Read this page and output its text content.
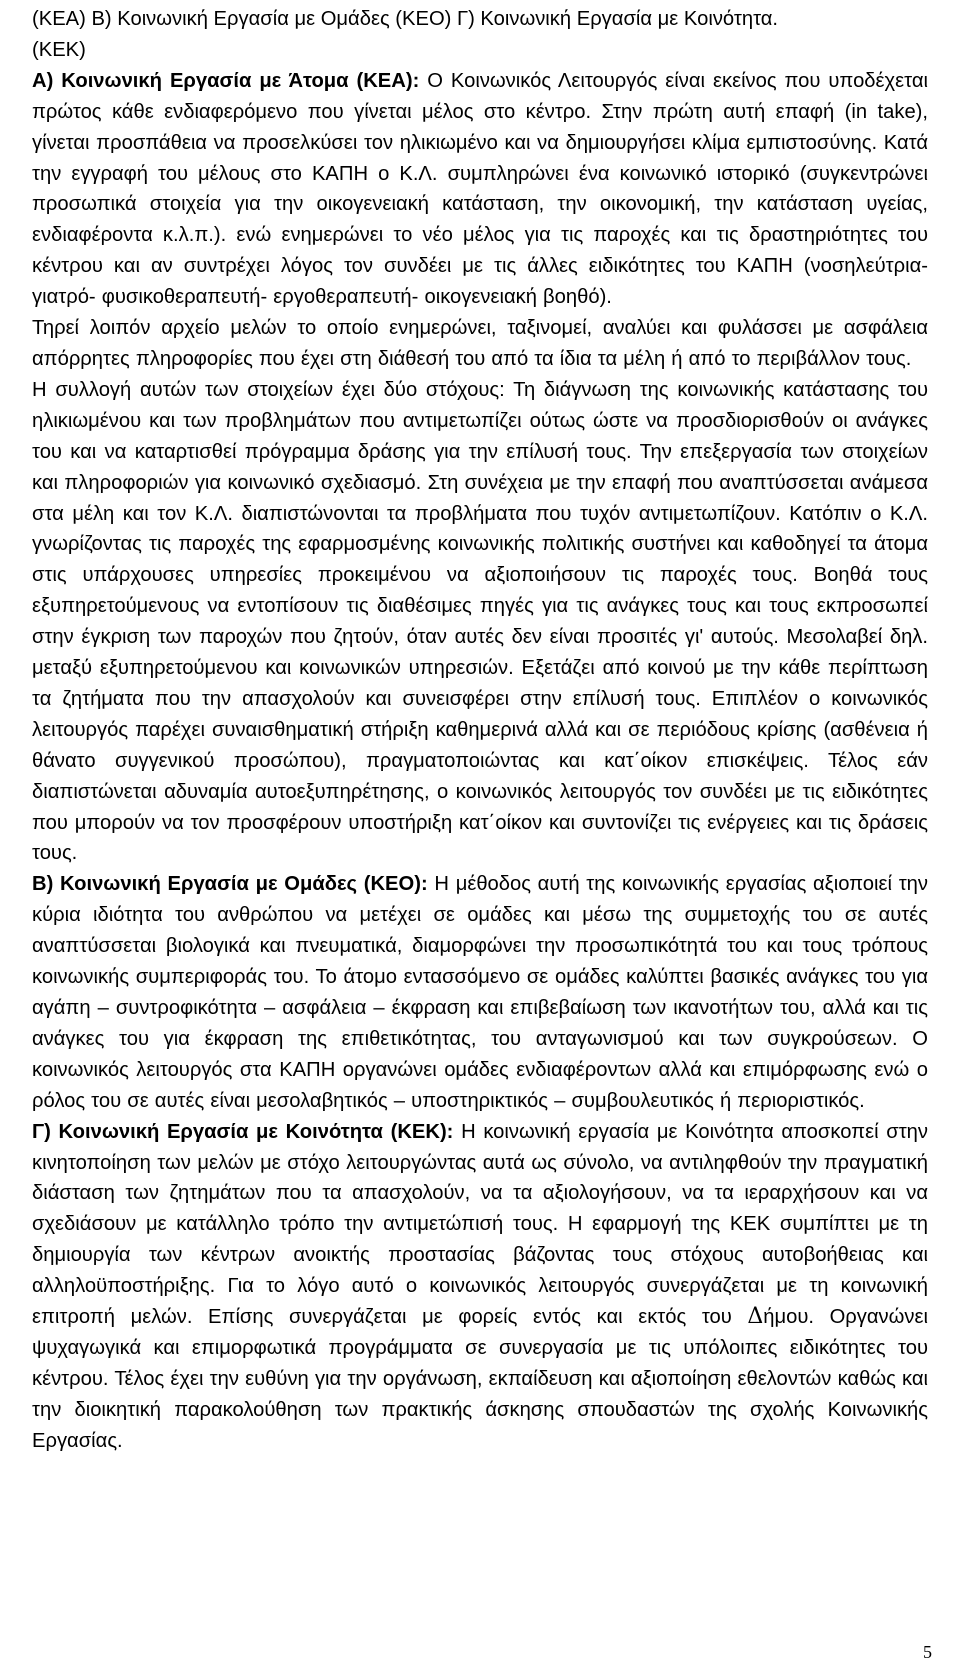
(ΚΕΑ) Β) Κοινωνική Εργασία με Ομάδες (ΚΕΟ) Γ) Κοινωνική Εργασία με Κοινότητα.

(ΚΕΚ)

Α) Κοινωνική Εργασία με Άτομα (ΚΕΑ): Ο Κοινωνικός Λειτουργός είναι εκείνος που υποδέχεται πρώτος κάθε ενδιαφερόμενο που γίνεται μέλος στο κέντρο. Στην πρώτη αυτή επαφή (in take), γίνεται προσπάθεια να προσελκύσει τον ηλικιωμένο και να δημιουργήσει κλίμα εμπιστοσύνης. Κατά την εγγραφή του μέλους στο ΚΑΠΗ ο Κ.Λ. συμπληρώνει ένα κοινωνικό ιστορικό (συγκεντρώνει προσωπικά στοιχεία για την οικογενειακή κατάσταση, την οικονομική, την κατάσταση υγείας, ενδιαφέροντα κ.λ.π.). ενώ ενημερώνει το νέο μέλος για τις παροχές και τις δραστηριότητες του κέντρου και αν συντρέχει λόγος τον συνδέει με τις άλλες ειδικότητες του ΚΑΠΗ (νοσηλεύτρια- γιατρό- φυσικοθεραπευτή- εργοθεραπευτή- οικογενειακή βοηθό).

Τηρεί λοιπόν αρχείο μελών το οποίο ενημερώνει, ταξινομεί, αναλύει και φυλάσσει με ασφάλεια απόρρητες πληροφορίες που έχει στη διάθεσή του από τα ίδια τα μέλη ή από το περιβάλλον τους.

Η συλλογή αυτών των στοιχείων έχει δύο στόχους: Τη διάγνωση της κοινωνικής κατάστασης του ηλικιωμένου και των προβλημάτων που αντιμετωπίζει ούτως ώστε να προσδιορισθούν οι ανάγκες του και να καταρτισθεί πρόγραμμα δράσης για την επίλυσή τους. Την επεξεργασία των στοιχείων και πληροφοριών για κοινωνικό σχεδιασμό. Στη συνέχεια με την επαφή που αναπτύσσεται ανάμεσα στα μέλη και τον Κ.Λ. διαπιστώνονται τα προβλήματα που τυχόν αντιμετωπίζουν. Κατόπιν ο Κ.Λ. γνωρίζοντας τις παροχές της εφαρμοσμένης κοινωνικής πολιτικής συστήνει και καθοδηγεί τα άτομα στις υπάρχουσες υπηρεσίες προκειμένου να αξιοποιήσουν τις παροχές τους. Βοηθά τους εξυπηρετούμενους να εντοπίσουν τις διαθέσιμες πηγές για τις ανάγκες τους και τους εκπροσωπεί στην έγκριση των παροχών που ζητούν, όταν αυτές δεν είναι προσιτές γι' αυτούς. Μεσολαβεί δηλ. μεταξύ εξυπηρετούμενου και κοινωνικών υπηρεσιών. Εξετάζει από κοινού με την κάθε περίπτωση τα ζητήματα που την απασχολούν και συνεισφέρει στην επίλυσή τους. Επιπλέον ο κοινωνικός λειτουργός παρέχει συναισθηματική στήριξη καθημερινά αλλά και σε περιόδους κρίσης (ασθένεια ή θάνατο συγγενικού προσώπου), πραγματοποιώντας και κατ΄οίκον επισκέψεις. Τέλος εάν διαπιστώνεται αδυναμία αυτοεξυπηρέτησης, ο κοινωνικός λειτουργός τον συνδέει με τις ειδικότητες που μπορούν να τον προσφέρουν υποστήριξη κατ΄οίκον και συντονίζει τις ενέργειες και τις δράσεις τους.

Β) Κοινωνική Εργασία με Ομάδες (ΚΕΟ): Η μέθοδος αυτή της κοινωνικής εργασίας αξιοποιεί την κύρια ιδιότητα του ανθρώπου να μετέχει σε ομάδες και μέσω της συμμετοχής του σε αυτές αναπτύσσεται βιολογικά και πνευματικά, διαμορφώνει την προσωπικότητά του και τους τρόπους κοινωνικής συμπεριφοράς του. Το άτομο εντασσόμενο σε ομάδες καλύπτει βασικές ανάγκες του για αγάπη – συντροφικότητα – ασφάλεια – έκφραση και επιβεβαίωση των ικανοτήτων του, αλλά και τις ανάγκες του για έκφραση της επιθετικότητας, του ανταγωνισμού και των συγκρούσεων. Ο κοινωνικός λειτουργός στα ΚΑΠΗ οργανώνει ομάδες ενδιαφέροντων αλλά και επιμόρφωσης ενώ ο ρόλος του σε αυτές είναι μεσολαβητικός – υποστηρικτικός – συμβουλευτικός ή περιοριστικός.

Γ) Κοινωνική Εργασία με Κοινότητα (ΚΕΚ): Η κοινωνική εργασία με Κοινότητα αποσκοπεί στην κινητοποίηση των μελών με στόχο λειτουργώντας αυτά ως σύνολο, να αντιληφθούν την πραγματική διάσταση των ζητημάτων που τα απασχολούν, να τα αξιολογήσουν, να τα ιεραρχήσουν και να σχεδιάσουν με κατάλληλο τρόπο την αντιμετώπισή τους. Η εφαρμογή της ΚΕΚ συμπίπτει με τη δημιουργία των κέντρων ανοικτής προστασίας βάζοντας τους στόχους αυτοβοήθειας και αλληλοϋποστήριξης. Για το λόγο αυτό ο κοινωνικός λειτουργός συνεργάζεται με τη κοινωνική επιτροπή μελών. Επίσης συνεργάζεται με φορείς εντός και εκτός του Δήμου. Οργανώνει ψυχαγωγικά και επιμορφωτικά προγράμματα σε συνεργασία με τις υπόλοιπες ειδικότητες του κέντρου. Τέλος έχει την ευθύνη για την οργάνωση, εκπαίδευση και αξιοποίηση εθελοντών καθώς και την διοικητική παρακολούθηση των πρακτικής άσκησης σπουδαστών της σχολής Κοινωνικής Εργασίας.

5
